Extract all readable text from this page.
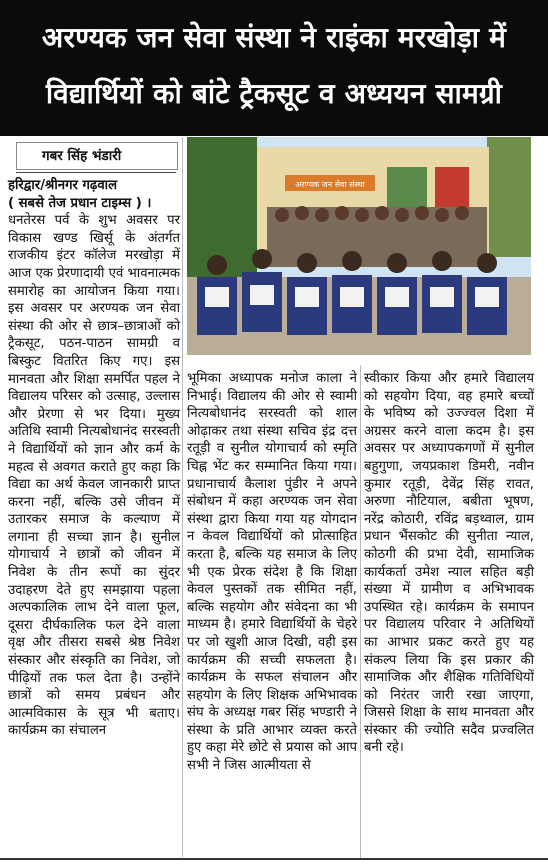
अरण्यक जन सेवा संस्था ने राइंका मरखोड़ा में
विद्यार्थियों को बांटे ट्रैकसूट व अध्ययन सामग्री
गबर सिंह भंडारी
अरण्यक जन सेवा संस्था

हरिद्वार/श्रीनगर गढ़वाल
( सबसे तेज प्रधान टाइम्स ) ।

धनतेरस पर्व के शुभ अवसर पर विकास खण्ड खिर्सू के अंतर्गत राजकीय इंटर कॉलेज मरखोड़ा में आज एक प्रेरणादायी एवं भावनात्मक समारोह का आयोजन किया गया। इस अवसर पर अरण्यक जन सेवा संस्था की ओर से छात्र–छात्राओं को ट्रैकसूट, पठन-पाठन सामग्री व बिस्कुट वितरित किए गए। इस मानवता और शिक्षा समर्पित पहल ने विद्यालय परिसर को उत्साह, उल्लास और प्रेरणा से भर दिया। मुख्य अतिथि स्वामी नित्यबोधानंद सरस्वती ने विद्यार्थियों को ज्ञान और कर्म के महत्व से अवगत कराते हुए कहा कि विद्या का अर्थ केवल जानकारी प्राप्त करना नहीं, बल्कि उसे जीवन में उतारकर समाज के कल्याण में लगाना ही सच्चा ज्ञान है। सुनील योगाचार्य ने छात्रों को जीवन में निवेश के तीन रूपों का सुंदर उदाहरण देते हुए समझाया पहला अल्पकालिक लाभ देने वाला फूल, दूसरा दीर्घकालिक फल देने वाला वृक्ष और तीसरा सबसे श्रेष्ठ निवेश संस्कार और संस्कृति का निवेश, जो पीढ़ियों तक फल देता है। उन्होंने छात्रों को समय प्रबंधन और आत्मविकास के सूत्र भी बताए। कार्यक्रम का संचालन

भूमिका अध्यापक मनोज काला ने निभाई। विद्यालय की ओर से स्वामी नित्यबोधानंद सरस्वती को शाल ओढ़ाकर तथा संस्था सचिव इंद्र दत्त रतूड़ी व सुनील योगाचार्य को स्मृति चिह्न भेंट कर सम्मानित किया गया। प्रधानाचार्य कैलाश पुंडीर ने अपने संबोधन में कहा अरण्यक जन सेवा संस्था द्वारा किया गया यह योगदान न केवल विद्यार्थियों को प्रोत्साहित करता है, बल्कि यह समाज के लिए भी एक प्रेरक संदेश है कि शिक्षा केवल पुस्तकों तक सीमित नहीं, बल्कि सहयोग और संवेदना का भी माध्यम है। हमारे विद्यार्थियों के चेहरे पर जो खुशी आज दिखी, वही इस कार्यक्रम की सच्ची सफलता है। कार्यक्रम के सफल संचालन और सहयोग के लिए शिक्षक अभिभावक संघ के अध्यक्ष गबर सिंह भण्डारी ने संस्था के प्रति आभार व्यक्त करते हुए कहा मेरे छोटे से प्रयास को आप सभी ने जिस आत्मीयता से

स्वीकार किया और हमारे विद्यालय को सहयोग दिया, वह हमारे बच्चों के भविष्य को उज्ज्वल दिशा में अग्रसर करने वाला कदम है। इस अवसर पर अध्यापकगणों में सुनील बहुगुणा, जयप्रकाश डिमरी, नवीन कुमार रतूड़ी, देवेंद्र सिंह रावत, अरुणा नौटियाल, बबीता भूषण, नरेंद्र कोठारी, रविंद्र बड़थ्वाल, ग्राम प्रधान भैंसकोट की सुनीता न्याल, कोठगी की प्रभा देवी, सामाजिक कार्यकर्ता उमेश न्याल सहित बड़ी संख्या में ग्रामीण व अभिभावक उपस्थित रहे। कार्यक्रम के समापन पर विद्यालय परिवार ने अतिथियों का आभार प्रकट करते हुए यह संकल्प लिया कि इस प्रकार की सामाजिक और शैक्षिक गतिविधियों को निरंतर जारी रखा जाएगा, जिससे शिक्षा के साथ मानवता और संस्कार की ज्योति सदैव प्रज्वलित बनी रहे।
